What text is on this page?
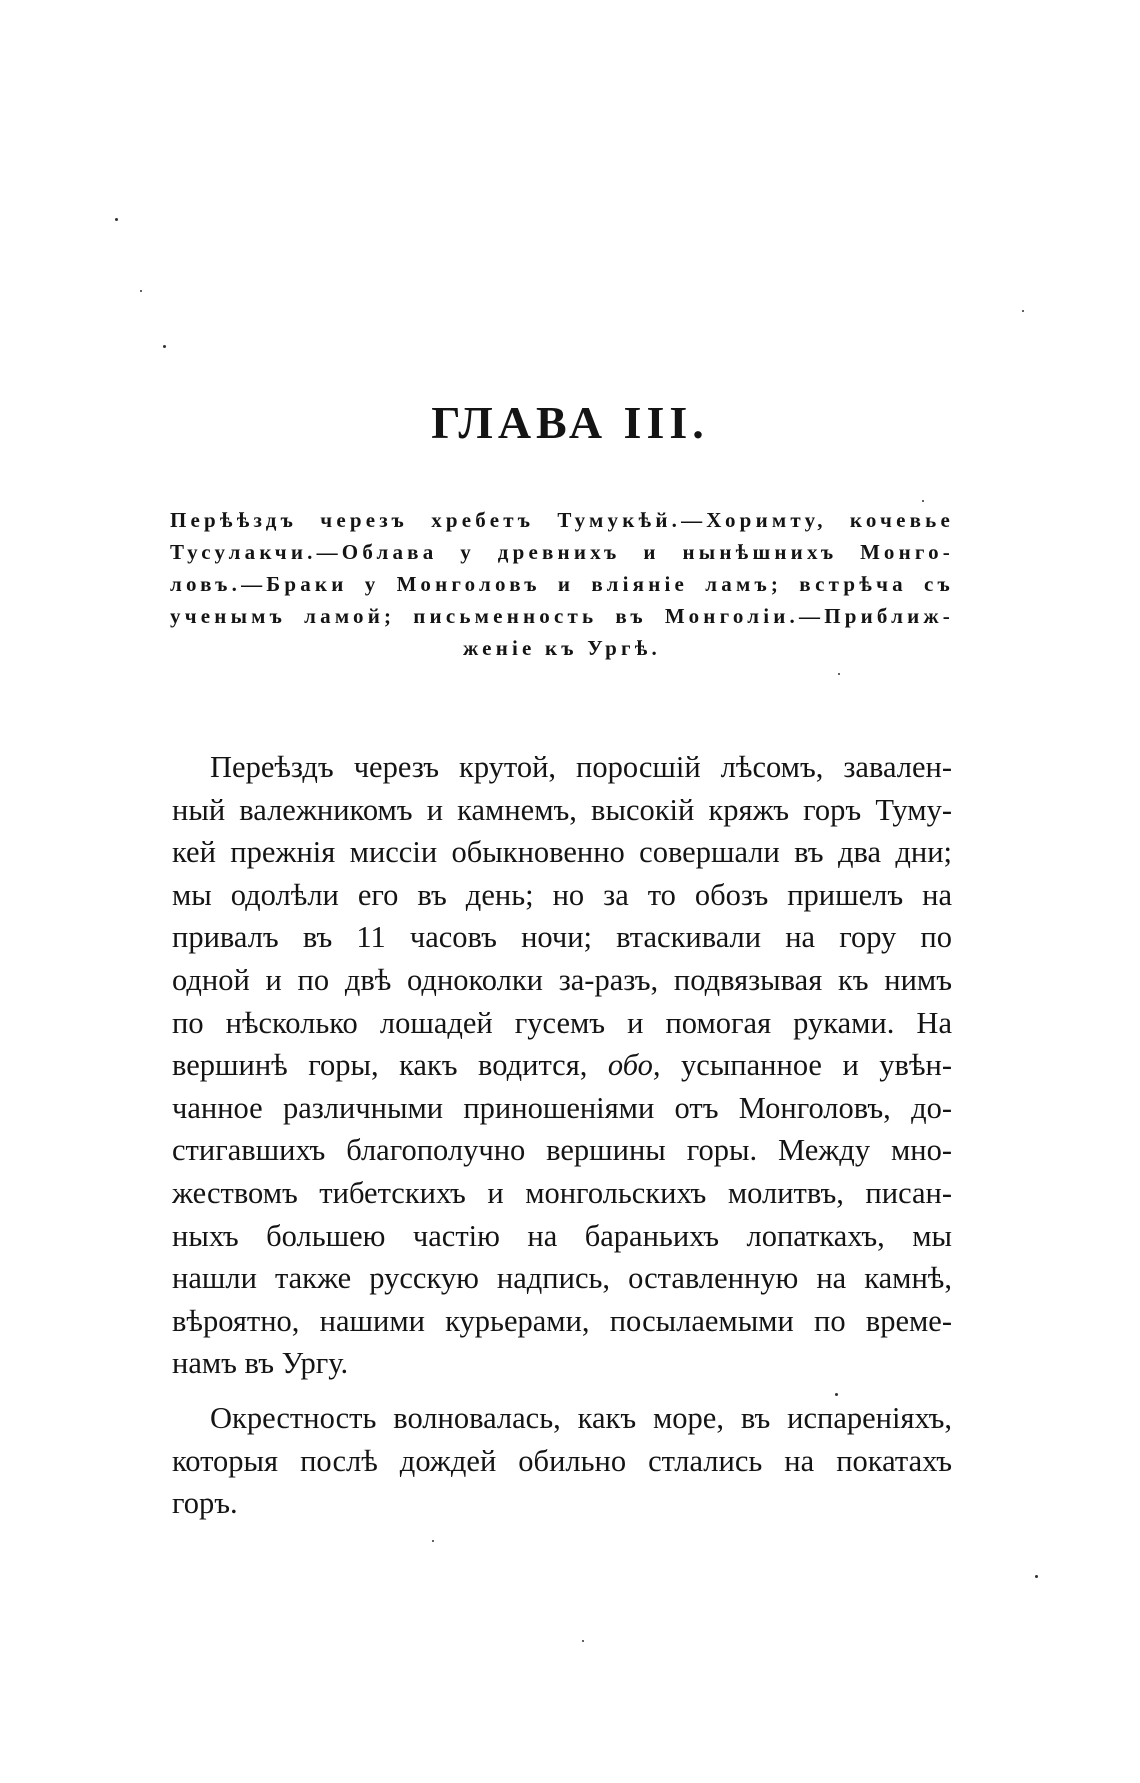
ГЛАВА III.
Перѣѣздъ черезъ хребетъ Тумукѣй.—Хоримту, кочевье
Тусулакчи.—Облава у древнихъ и нынѣшнихъ Монго-
ловъ.—Браки у Монголовъ и вліяніе ламъ; встрѣча съ
ученымъ ламой; письменность въ Монголіи.—Приближ-
женіе къ Ургѣ.

Переѣздъ черезъ крутой, поросшій лѣсомъ, завален-
ный валежникомъ и камнемъ, высокій кряжъ горъ Туму-
кей прежнія миссіи обыкновенно совершали въ два дни;
мы одолѣли его въ день; но за то обозъ пришелъ на
привалъ въ 11 часовъ ночи; втаскивали на гору по
одной и по двѣ одноколки за-разъ, подвязывая къ нимъ
по нѣсколько лошадей гусемъ и помогая руками. На
вершинѣ горы, какъ водится, обо, усыпанное и увѣн-
чанное различными приношеніями отъ Монголовъ, до-
стигавшихъ благополучно вершины горы. Между мно-
жествомъ тибетскихъ и монгольскихъ молитвъ, писан-
ныхъ большею частію на бараньихъ лопаткахъ, мы
нашли также русскую надпись, оставленную на камнѣ,
вѣроятно, нашими курьерами, посылаемыми по време-
намъ въ Ургу.

Окрестность волновалась, какъ море, въ испареніяхъ,
которыя послѣ дождей обильно стлались на покатахъ
горъ.
